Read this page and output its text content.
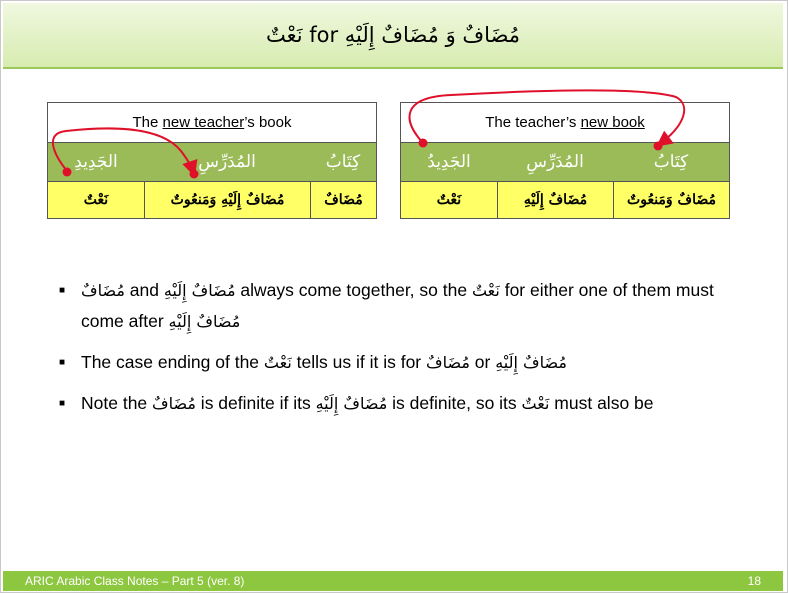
مُضَافٌ وَ مُضَافٌ إِلَيْهِ for نَعْتٌ
The new teacher ’s book
كِتَابُ
المُدَرِّسِ
الجَدِيدِ
مُضَافٌ
مُضَافٌ إِلَيْهِ وَمَنعُوتٌ
نَعْتٌ
The teacher’s new book
كِتَابُ
المُدَرِّسِ
الجَدِيدُ
مُضَافٌ وَمَنعُوتٌ
مُضَافٌ إِلَيْهِ
نَعْتٌ
■ مُضَافٌ and مُضَافٌ إِلَيْهِ always come together, so the نَعْتٌ for either one of them must come after مُضَافٌ إِلَيْهِ
■ The case ending of the نَعْتٌ tells us if it is for مُضَافٌ or مُضَافٌ إِلَيْهِ
■ Note the مُضَافٌ is definite if its مُضَافٌ إِلَيْهِ is definite, so its نَعْتٌ must also be
ARIC Arabic Class Notes – Part 5 (ver. 8)	18
